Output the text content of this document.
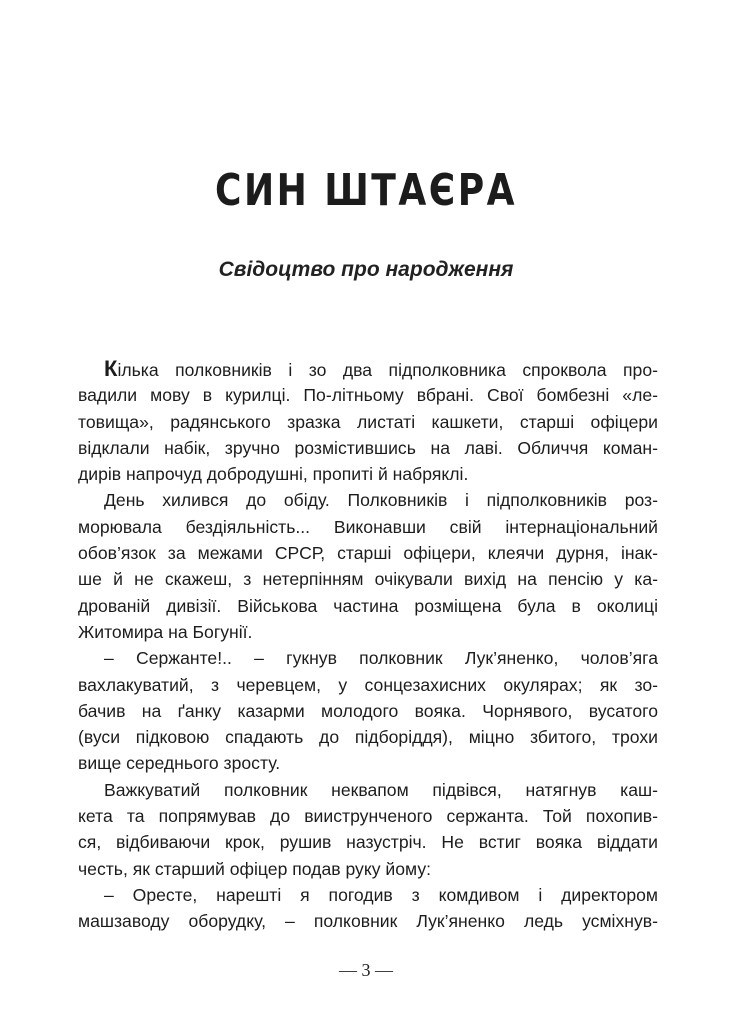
СИН ШТАЄРА
Свідоцтво про народження
Кілька полковників і зо два підполковника спроквола про-
вадили мову в курилці. По-літньому вбрані. Свої бомбезні «ле-
товища», радянського зразка листаті кашкети, старші офіцери
відклали набік, зручно розмістившись на лаві. Обличчя коман-
дирів напрочуд добродушні, пропиті й набряклі.
День хилився до обіду. Полковників і підполковників роз-
морювала бездіяльність... Виконавши свій інтернаціональний
обов’язок за межами СРСР, старші офіцери, клеячи дурня, інак-
ше й не скажеш, з нетерпінням очікували вихід на пенсію у ка-
дрованій дивізії. Військова частина розміщена була в околиці
Житомира на Богунії.
– Сержанте!.. – гукнув полковник Лук’яненко, чолов’яга
вахлакуватий, з черевцем, у сонцезахисних окулярах; як зо-
бачив на ґанку казарми молодого вояка. Чорнявого, вусатого
(вуси підковою спадають до підборіддя), міцно збитого, трохи
вище середнього зросту.
Важкуватий полковник неквапом підвівся, натягнув каш-
кета та попрямував до вииструнченого сержанта. Той похопив-
ся, відбиваючи крок, рушив назустріч. Не встиг вояка віддати
честь, як старший офіцер подав руку йому:
– Оресте, нарешті я погодив з комдивом і директором
машзаводу оборудку, – полковник Лук’яненко ледь усміхнув-
— 3 —
